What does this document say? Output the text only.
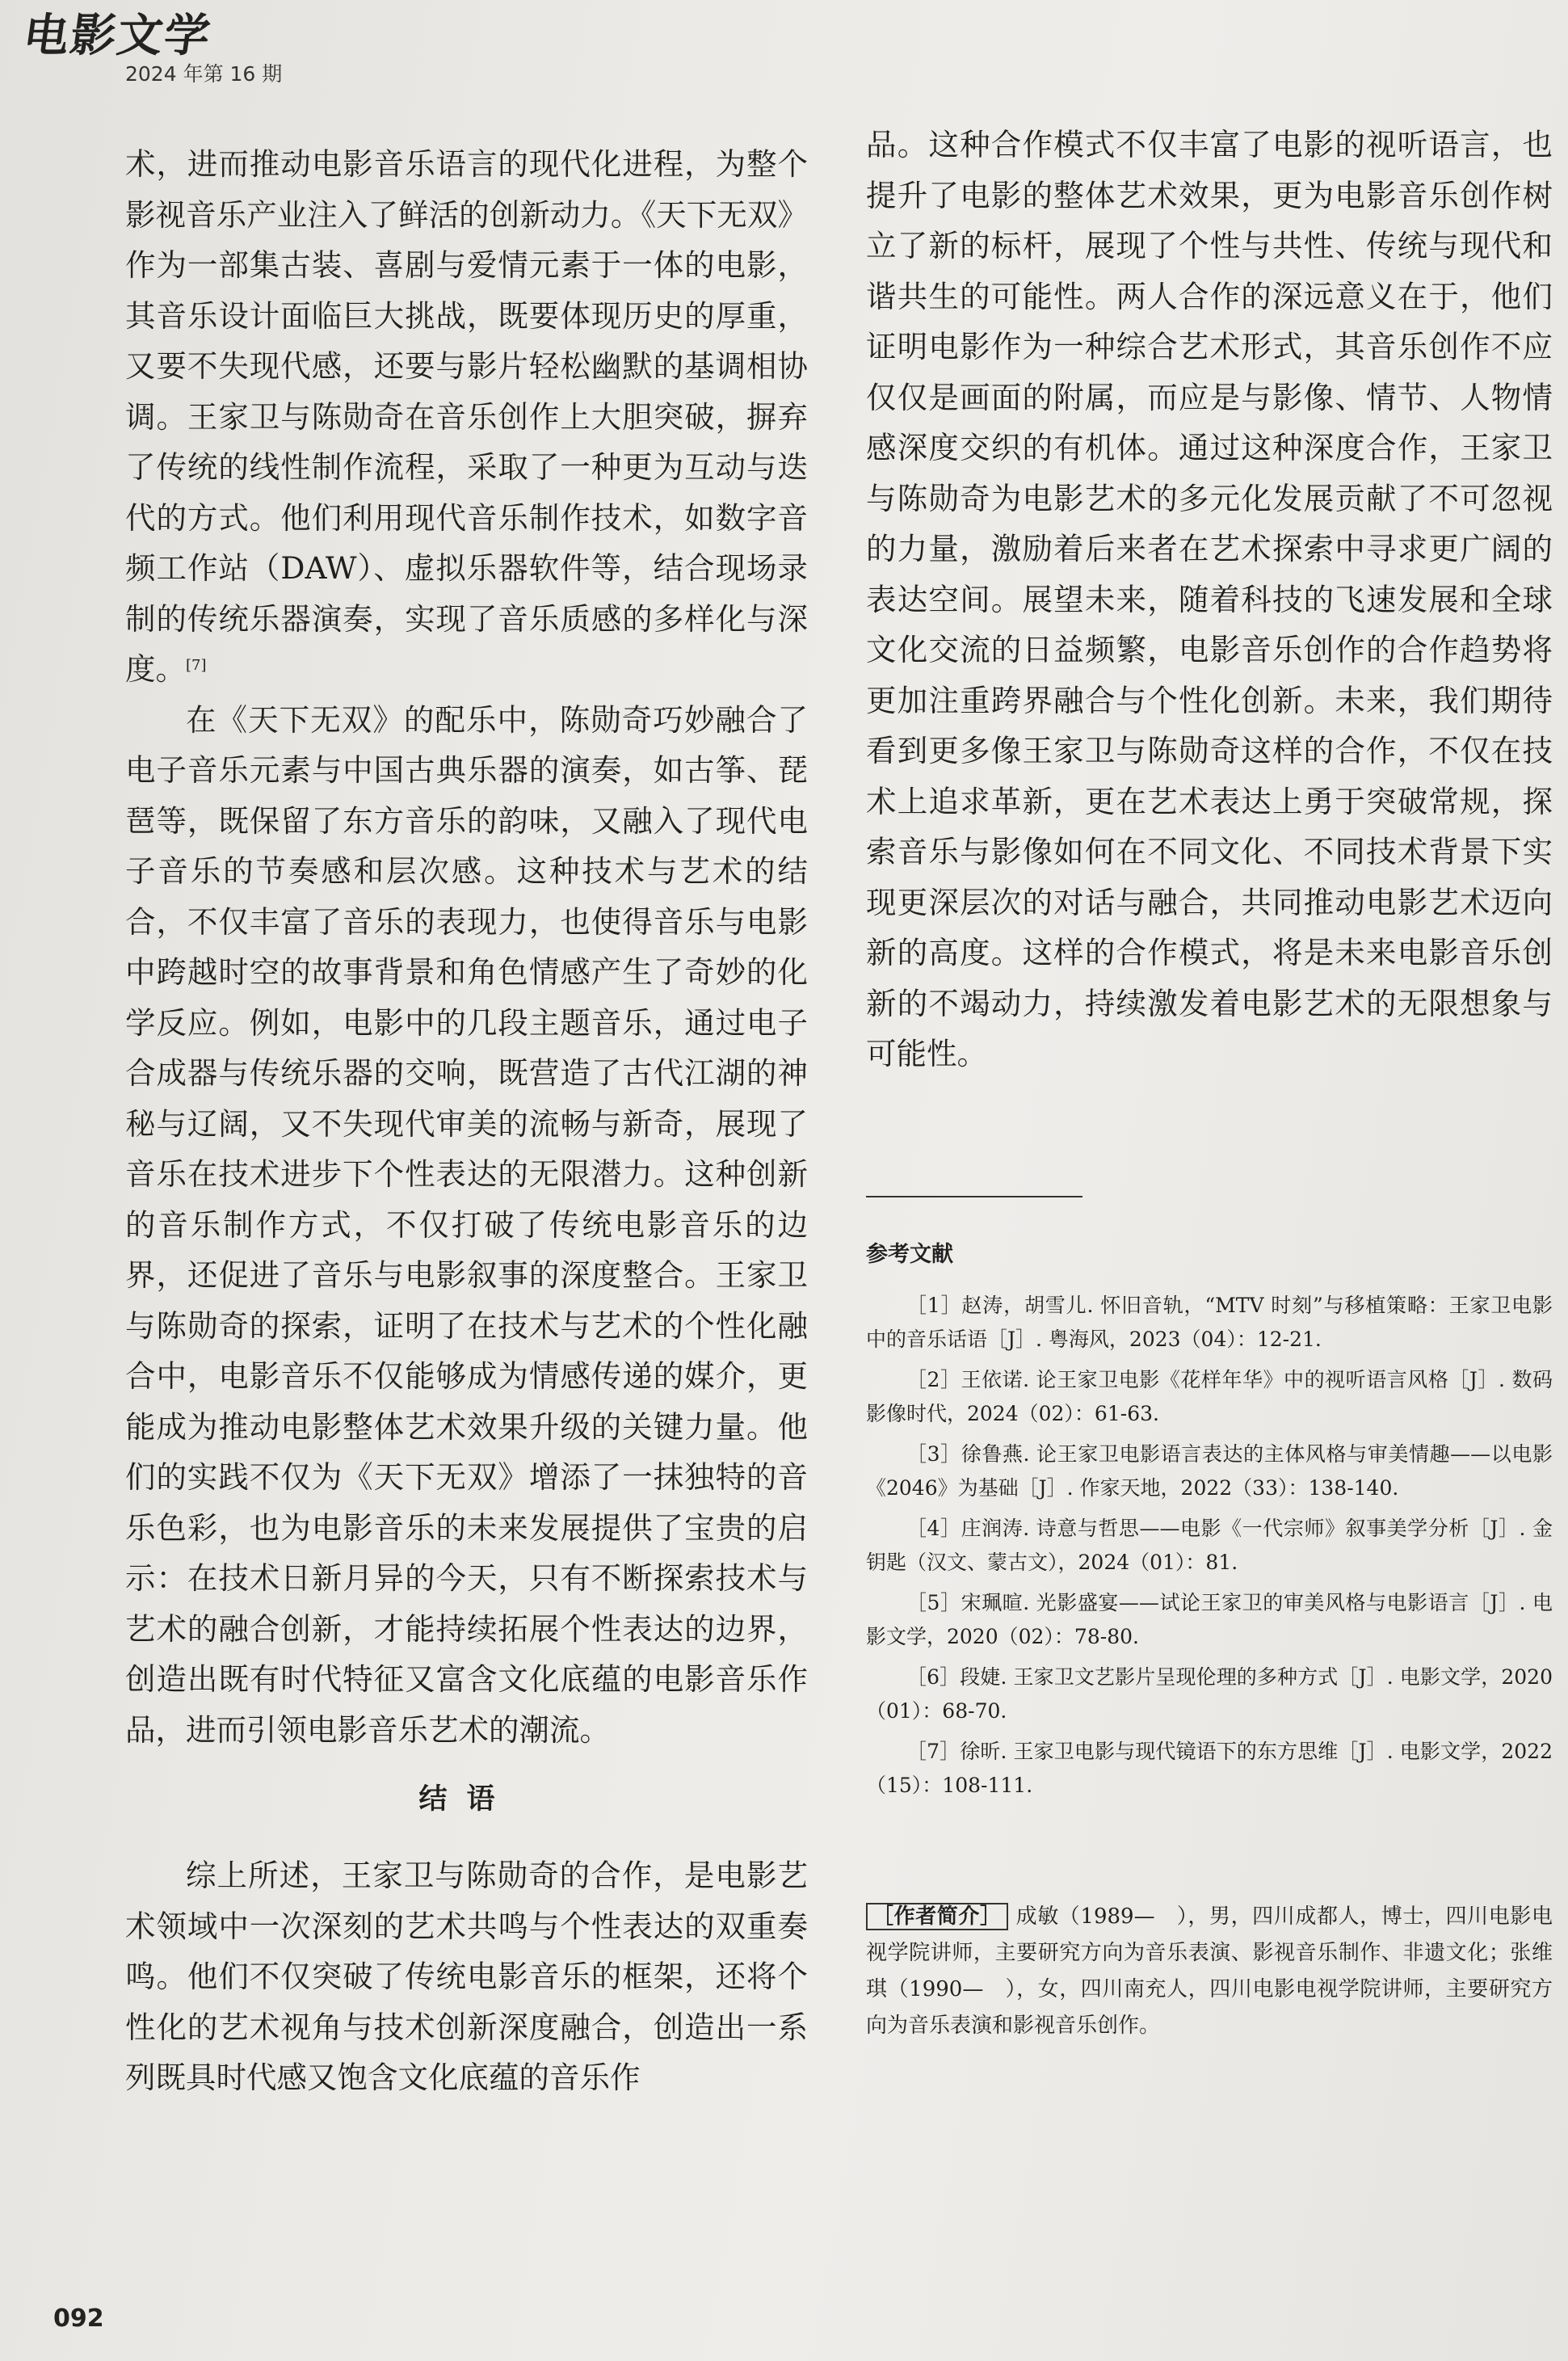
电影文学
2024 年第 16 期

术，进而推动电影音乐语言的现代化进程，为整个影视音乐产业注入了鲜活的创新动力。《天下无双》作为一部集古装、喜剧与爱情元素于一体的电影，其音乐设计面临巨大挑战，既要体现历史的厚重，又要不失现代感，还要与影片轻松幽默的基调相协调。王家卫与陈勋奇在音乐创作上大胆突破，摒弃了传统的线性制作流程，采取了一种更为互动与迭代的方式。他们利用现代音乐制作技术，如数字音频工作站（DAW）、虚拟乐器软件等，结合现场录制的传统乐器演奏，实现了音乐质感的多样化与深度。[7]

在《天下无双》的配乐中，陈勋奇巧妙融合了电子音乐元素与中国古典乐器的演奏，如古筝、琵琶等，既保留了东方音乐的韵味，又融入了现代电子音乐的节奏感和层次感。这种技术与艺术的结合，不仅丰富了音乐的表现力，也使得音乐与电影中跨越时空的故事背景和角色情感产生了奇妙的化学反应。例如，电影中的几段主题音乐，通过电子合成器与传统乐器的交响，既营造了古代江湖的神秘与辽阔，又不失现代审美的流畅与新奇，展现了音乐在技术进步下个性表达的无限潜力。这种创新的音乐制作方式，不仅打破了传统电影音乐的边界，还促进了音乐与电影叙事的深度整合。王家卫与陈勋奇的探索，证明了在技术与艺术的个性化融合中，电影音乐不仅能够成为情感传递的媒介，更能成为推动电影整体艺术效果升级的关键力量。他们的实践不仅为《天下无双》增添了一抹独特的音乐色彩，也为电影音乐的未来发展提供了宝贵的启示：在技术日新月异的今天，只有不断探索技术与艺术的融合创新，才能持续拓展个性表达的边界，创造出既有时代特征又富含文化底蕴的电影音乐作品，进而引领电影音乐艺术的潮流。

结语

综上所述，王家卫与陈勋奇的合作，是电影艺术领域中一次深刻的艺术共鸣与个性表达的双重奏鸣。他们不仅突破了传统电影音乐的框架，还将个性化的艺术视角与技术创新深度融合，创造出一系列既具时代感又饱含文化底蕴的音乐作

品。这种合作模式不仅丰富了电影的视听语言，也提升了电影的整体艺术效果，更为电影音乐创作树立了新的标杆，展现了个性与共性、传统与现代和谐共生的可能性。两人合作的深远意义在于，他们证明电影作为一种综合艺术形式，其音乐创作不应仅仅是画面的附属，而应是与影像、情节、人物情感深度交织的有机体。通过这种深度合作，王家卫与陈勋奇为电影艺术的多元化发展贡献了不可忽视的力量，激励着后来者在艺术探索中寻求更广阔的表达空间。展望未来，随着科技的飞速发展和全球文化交流的日益频繁，电影音乐创作的合作趋势将更加注重跨界融合与个性化创新。未来，我们期待看到更多像王家卫与陈勋奇这样的合作，不仅在技术上追求革新，更在艺术表达上勇于突破常规，探索音乐与影像如何在不同文化、不同技术背景下实现更深层次的对话与融合，共同推动电影艺术迈向新的高度。这样的合作模式，将是未来电影音乐创新的不竭动力，持续激发着电影艺术的无限想象与可能性。

参考文献

［1］赵涛，胡雪儿. 怀旧音轨，“MTV 时刻”与移植策略：王家卫电影中的音乐话语［J］. 粤海风，2023（04）：12-21.

［2］王依诺. 论王家卫电影《花样年华》中的视听语言风格［J］. 数码影像时代，2024（02）：61-63.

［3］徐鲁燕. 论王家卫电影语言表达的主体风格与审美情趣——以电影《2046》为基础［J］. 作家天地，2022（33）：138-140.

［4］庄润涛. 诗意与哲思——电影《一代宗师》叙事美学分析［J］. 金钥匙（汉文、蒙古文），2024（01）：81.

［5］宋珮暄. 光影盛宴——试论王家卫的审美风格与电影语言［J］. 电影文学，2020（02）：78-80.

［6］段婕. 王家卫文艺影片呈现伦理的多种方式［J］. 电影文学，2020（01）：68-70.

［7］徐昕. 王家卫电影与现代镜语下的东方思维［J］. 电影文学，2022（15）：108-111.

［作者简介］ 成敏（1989—　），男，四川成都人，博士，四川电影电视学院讲师，主要研究方向为音乐表演、影视音乐制作、非遗文化；张维琪（1990—　），女，四川南充人，四川电影电视学院讲师，主要研究方向为音乐表演和影视音乐创作。
092
